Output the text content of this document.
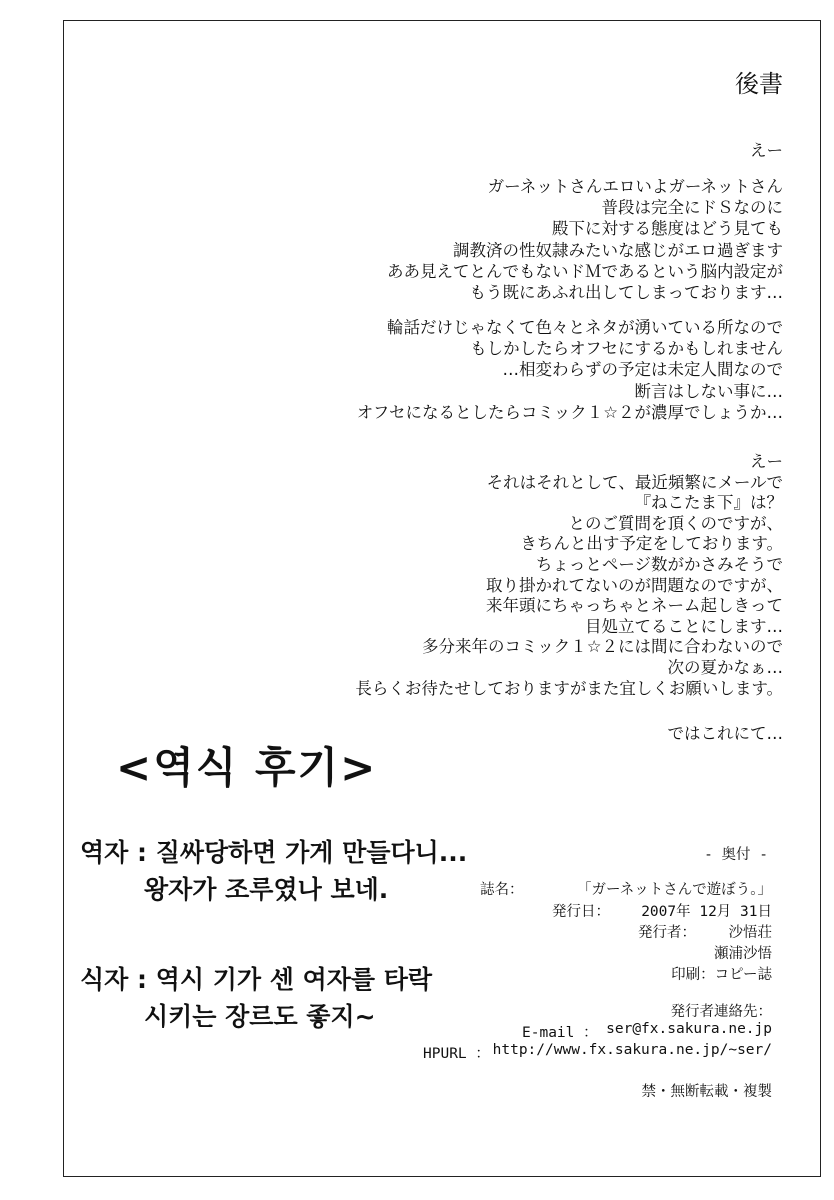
後書
えー
ガーネットさんエロいよガーネットさん
普段は完全にドＳなのに
殿下に対する態度はどう見ても
調教済の性奴隷みたいな感じがエロ過ぎます
ああ見えてとんでもないドＭであるという脳内設定が
もう既にあふれ出してしまっております…
輪話だけじゃなくて色々とネタが湧いている所なので
もしかしたらオフセにするかもしれません
…相変わらずの予定は未定人間なので
断言はしない事に…
オフセになるとしたらコミック１☆２が濃厚でしょうか…
えー
それはそれとして、最近頻繁にメールで
『ねこたま下』は？
とのご質問を頂くのですが、
きちんと出す予定をしております。
ちょっとページ数がかさみそうで
取り掛かれてないのが問題なのですが、
来年頭にちゃっちゃとネーム起しきって
目処立てることにします…
多分来年のコミック１☆２には間に合わないので
次の夏かなぁ…
長らくお待たせしておりますがまた宜しくお願いします。
ではこれにて…
<역식 후기>
역자 : 질싸당하면 가게 만들다니...
왕자가 조루였나 보네.
식자 : 역시 기가 센 여자를 타락
시키는 장르도 좋지~
- 奥付 -
誌名：	「ガーネットさんで遊ぼう。」
発行日： 2007年 12月 31日
発行者： 沙悟荘
瀬浦沙悟
印刷：コピー誌
発行者連絡先：
E-mail ： ser@fx.sakura.ne.jp
HPURL ： http://www.fx.sakura.ne.jp/~ser/
禁・無断転載・複製
